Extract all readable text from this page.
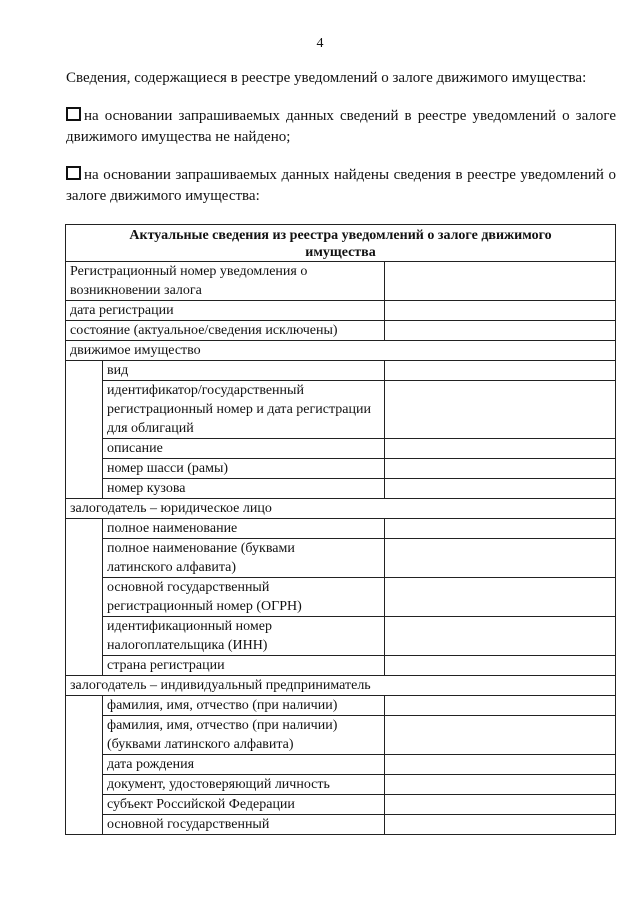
4
Сведения, содержащиеся в реестре уведомлений о залоге движимого имущества:
на основании запрашиваемых данных сведений в реестре уведомлений о залоге движимого имущества не найдено;
на основании запрашиваемых данных найдены сведения в реестре уведомлений о залоге движимого имущества:
Актуальные сведения из реестра уведомлений о залоге движимого имущества		
Регистрационный номер уведомления о возникновении залога		
дата регистрации		
состояние (актуальное/сведения исключены)		
движимое имущество		
	вид	
	идентификатор/государственный регистрационный номер и дата регистрации для облигаций	
	описание	
	номер шасси (рамы)	
	номер кузова	
залогодатель – юридическое лицо		
	полное наименование	
	полное наименование (буквами латинского алфавита)	
	основной государственный регистрационный номер (ОГРН)	
	идентификационный номер налогоплательщика (ИНН)	
	страна регистрации	
залогодатель – индивидуальный предприниматель		
	фамилия, имя, отчество (при наличии)	
	фамилия, имя, отчество (при наличии) (буквами латинского алфавита)	
	дата рождения	
	документ, удостоверяющий личность	
	субъект Российской Федерации	
	основной государственный	
